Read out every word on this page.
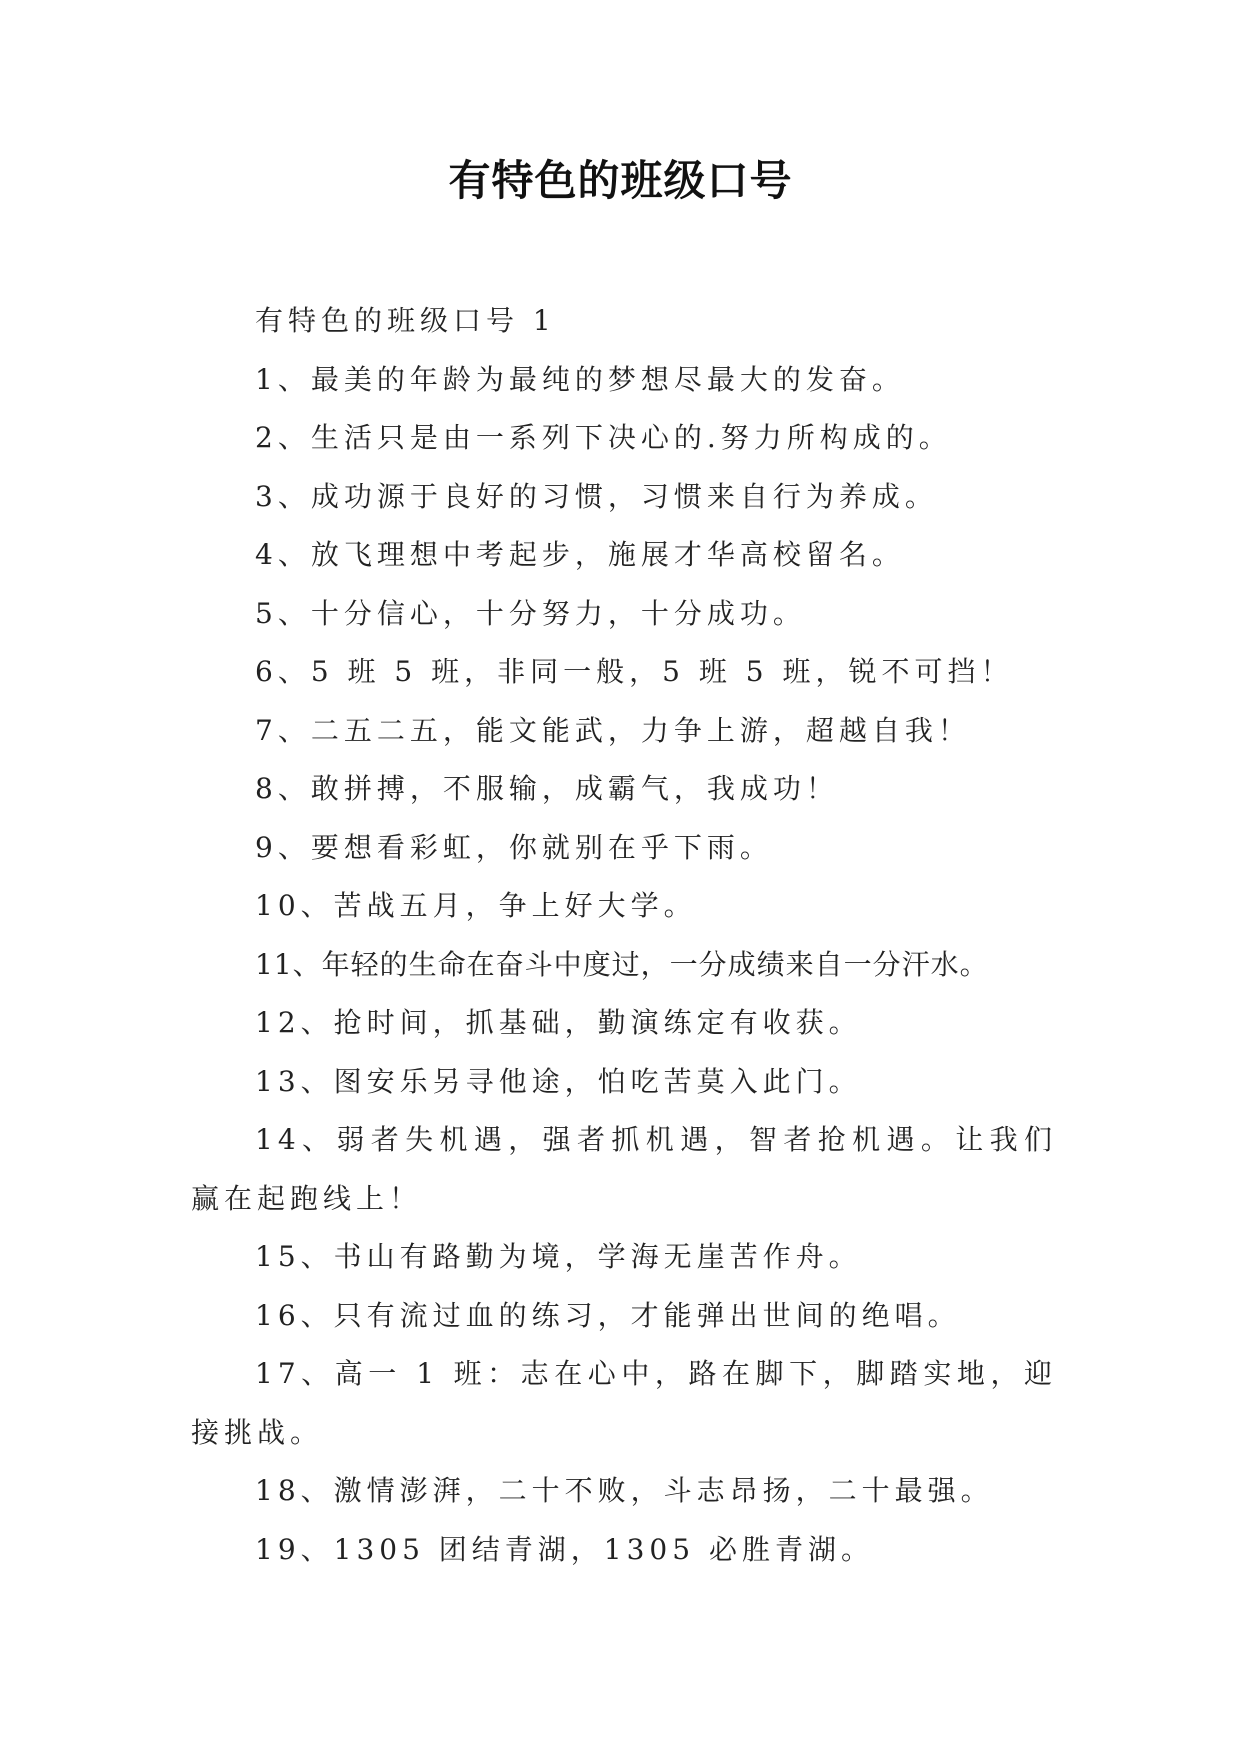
有特色的班级口号

有特色的班级口号 1

1、最美的年龄为最纯的梦想尽最大的发奋。

2、生活只是由一系列下决心的.努力所构成的。

3、成功源于良好的习惯，习惯来自行为养成。

4、放飞理想中考起步，施展才华高校留名。

5、十分信心，十分努力，十分成功。

6、5 班 5 班，非同一般，5 班 5 班，锐不可挡！

7、二五二五，能文能武，力争上游，超越自我！

8、敢拼搏，不服输，成霸气，我成功！

9、要想看彩虹，你就别在乎下雨。

10、苦战五月，争上好大学。

11、年轻的生命在奋斗中度过，一分成绩来自一分汗水。

12、抢时间，抓基础，勤演练定有收获。

13、图安乐另寻他途，怕吃苦莫入此门。

14、弱者失机遇，强者抓机遇，智者抢机遇。让我们赢在起跑线上！

15、书山有路勤为境，学海无崖苦作舟。

16、只有流过血的练习，才能弹出世间的绝唱。

17、高一 1 班：志在心中，路在脚下，脚踏实地，迎接挑战。

18、激情澎湃，二十不败，斗志昂扬，二十最强。

19、1305 团结青湖，1305 必胜青湖。
